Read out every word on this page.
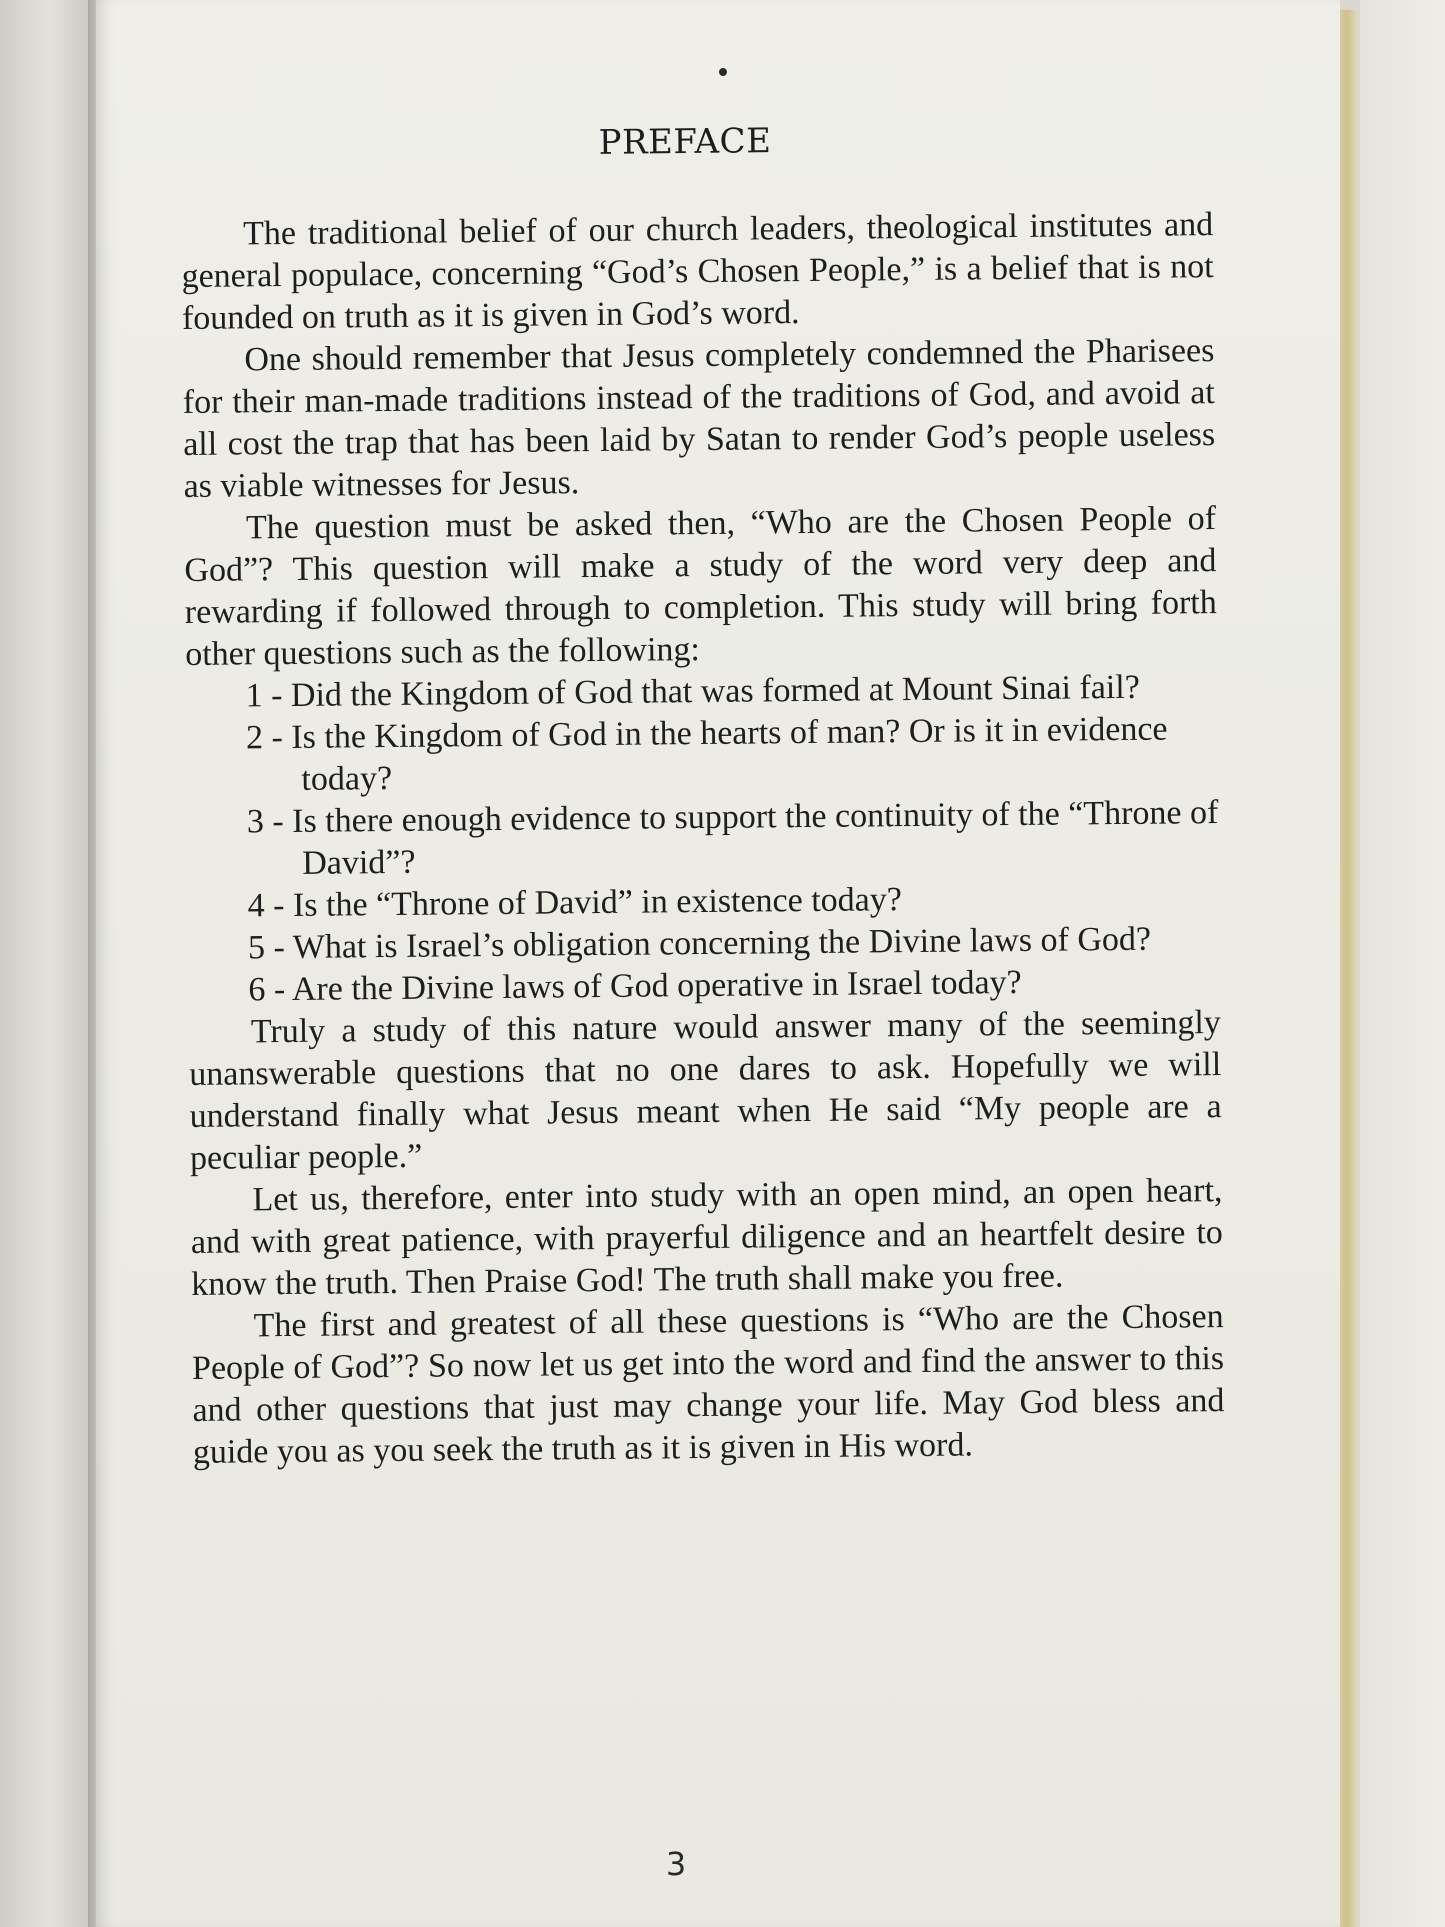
PREFACE

The traditional belief of our church leaders, theological institutes and general populace, concerning “God’s Chosen People,” is a belief that is not founded on truth as it is given in God’s word.

One should remember that Jesus completely condemned the Pharisees for their man-made traditions instead of the traditions of God, and avoid at all cost the trap that has been laid by Satan to render God’s people useless as viable witnesses for Jesus.

The question must be asked then, “Who are the Chosen People of God”? This question will make a study of the word very deep and rewarding if followed through to completion. This study will bring forth other questions such as the following:

1 - Did the Kingdom of God that was formed at Mount Sinai fail?
2 - Is the Kingdom of God in the hearts of man? Or is it in evidence today?
3 - Is there enough evidence to support the continuity of the “Throne of David”?
4 - Is the “Throne of David” in existence today?
5 - What is Israel’s obligation concerning the Divine laws of God?
6 - Are the Divine laws of God operative in Israel today?

Truly a study of this nature would answer many of the seemingly unanswerable questions that no one dares to ask. Hopefully we will understand finally what Jesus meant when He said “My people are a peculiar people.”

Let us, therefore, enter into study with an open mind, an open heart, and with great patience, with prayerful diligence and an heartfelt desire to know the truth. Then Praise God! The truth shall make you free.

The first and greatest of all these questions is “Who are the Chosen People of God”? So now let us get into the word and find the answer to this and other questions that just may change your life. May God bless and guide you as you seek the truth as it is given in His word.

3
